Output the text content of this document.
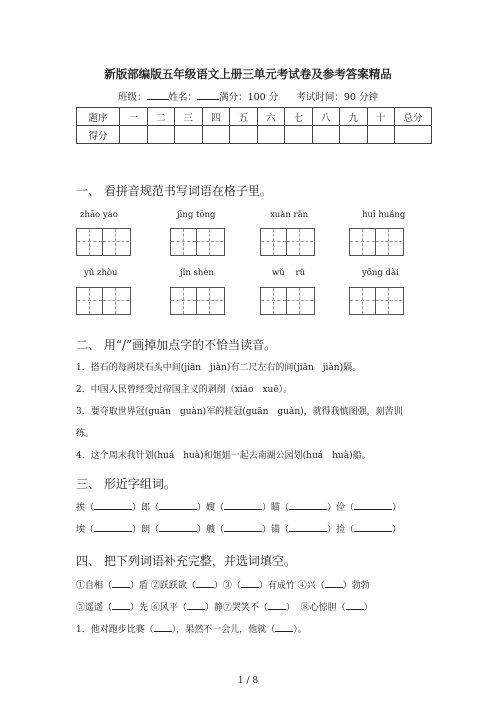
新版部编版五年级语文上册三单元考试卷及参考答案精品
班级： 姓名： 满分：100 分 考试时间：90 分钟
题序	一	二	三	四	五	六	七	八	九	十	总分
得分											
一、 看拼音规范书写词语在格子里。
zhāo yáo	jīng tōng	xuàn rǎn	huī huáng
yǔ zhòu	jǐn shèn	wǔ    rǔ	yōng dài
二、 用“/”画掉加点字的不恰当读音。
1．搭石的每两块石头中间(jiān　jiàn)有二尺左右的间(jiān　jiàn)隔。
2．中国人民曾经受过帝国主义的剥削（xiāo　xuē）。
3．要夺取世界冠(guān　guàn)军的桂冠(guān　guàn)，就得我慎图强，刻苦训
练。
4．这个周末我计划(huá　huà)和姐姐一起去南湖公园划(huá　huà)船。
三、 形近字组词。
挨（	）郎（	）嫂（	）瞄（	）俭（	）
埃（	）朗（	）艘（	）锚（	）捡（	）
四、 把下列词语补充完整，并选词填空。
①自相（ ）盾 ②跃跃欲（ ）③（ ）有成竹 ④兴（ ）勃勃
⑤遥遥（ ）先 ⑥风平（ ）静⑦哭笑不（ ）  ⑧心惊胆（ ）
1．他对跑步比赛（ ），果然不一会儿，他就（ ）。
1 / 8
